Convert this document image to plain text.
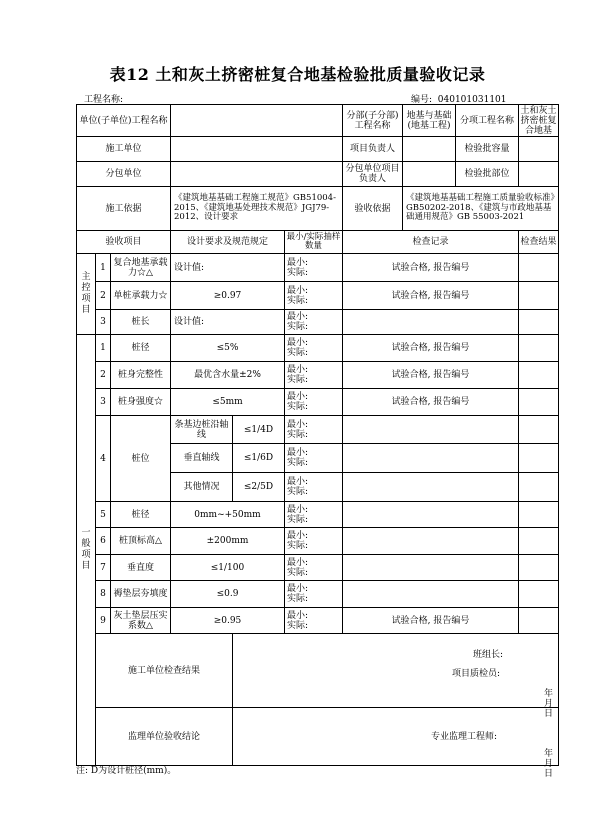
表12 土和灰土挤密桩复合地基检验批质量验收记录
工程名称:	编号: 040101031101
单位(子单位)工程名称						分部(子分部)工程名称	地基与基础(地基工程)	分项工程名称	土和灰土挤密桩复合地基
施工单位						项目负责人		检验批容量	
分包单位						分包单位项目负责人		检验批部位	
施工依据			《建筑地基基础工程施工规范》GB51004-2015、《建筑地基处理技术规范》JGJ79-2012、设计要求			验收依据	《建筑地基基础工程施工质量验收标准》GB50202-2018、《建筑与市政地基基础通用规范》GB 55003-2021		
验收项目			设计要求及规范规定		最小/实际抽样数量	检查记录			检查结果
主控项目	1	复合地基承载力☆△	设计值:		最小:
实际:	试验合格, 报告编号			
	2	单桩承载力☆	≥0.97		最小:
实际:	试验合格, 报告编号			
	3	桩长	设计值:		最小:
实际:				
一般项目	1	桩径	≤5%		最小:
实际:	试验合格, 报告编号			
	2	桩身完整性	最优含水量±2%		最小:
实际:	试验合格, 报告编号			
	3	桩身强度☆	≤5mm		最小:
实际:	试验合格, 报告编号			
	4	桩位	条基边桩沿轴线	≤1/4D	最小:
实际:				
			垂直轴线	≤1/6D	最小:
实际:				
			其他情况	≤2/5D	最小:
实际:				
	5	桩径	0mm~+50mm		最小:
实际:				
	6	桩顶标高△	±200mm		最小:
实际:				
	7	垂直度	≤1/100		最小:
实际:				
	8	褥垫层夯填度	≤0.9		最小:
实际:				
	9	灰土垫层压实系数△	≥0.95		最小:
实际:	试验合格, 报告编号			
	施工单位检查结果			班组长:
项目质检员:
年 月 日					

	监理单位验收结论			专业监理工程师:
年 月 日					
注: D为设计桩径(mm)。
